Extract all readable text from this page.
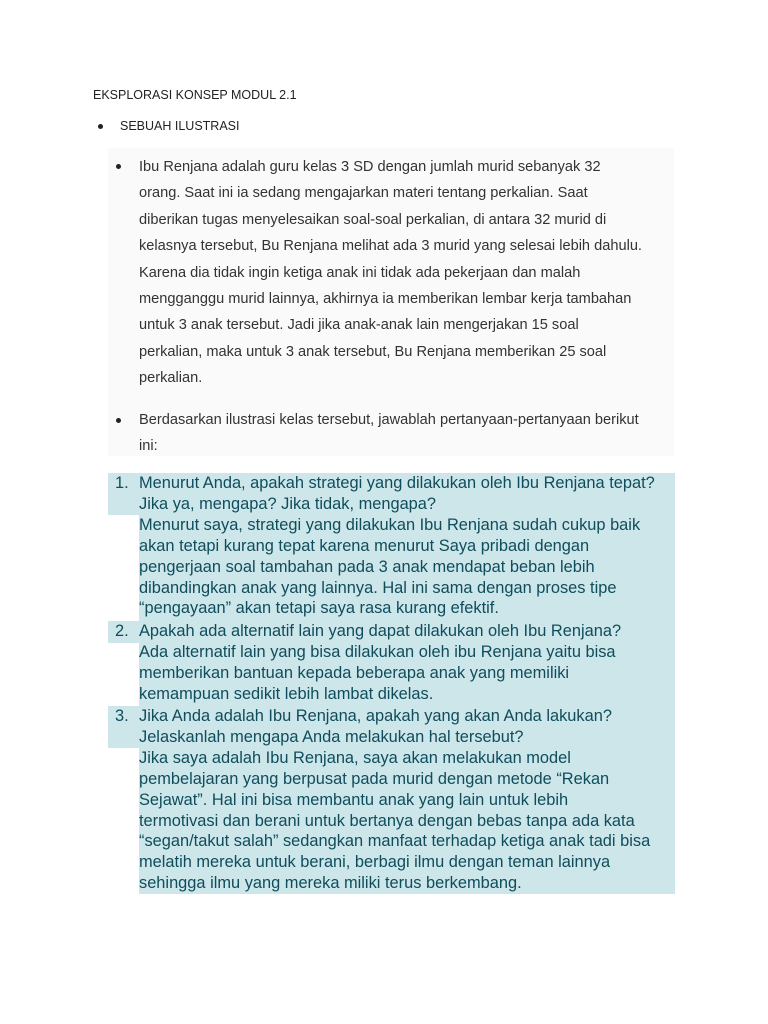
EKSPLORASI KONSEP MODUL 2.1
SEBUAH ILUSTRASI

Ibu Renjana adalah guru kelas 3 SD dengan jumlah murid sebanyak 32

orang. Saat ini ia sedang mengajarkan materi tentang perkalian. Saat

diberikan tugas menyelesaikan soal-soal perkalian, di antara 32 murid di

kelasnya tersebut, Bu Renjana melihat ada 3 murid yang selesai lebih dahulu.

Karena dia tidak ingin ketiga anak ini tidak ada pekerjaan dan malah

mengganggu murid lainnya, akhirnya ia memberikan lembar kerja tambahan

untuk 3 anak tersebut. Jadi jika anak-anak lain mengerjakan 15 soal

perkalian, maka untuk 3 anak tersebut, Bu Renjana memberikan 25 soal

perkalian.

Berdasarkan ilustrasi kelas tersebut, jawablah pertanyaan-pertanyaan berikut

ini:

1. Menurut Anda, apakah strategi yang dilakukan oleh Ibu Renjana tepat?

Jika ya, mengapa? Jika tidak, mengapa?

Menurut saya, strategi yang dilakukan Ibu Renjana sudah cukup baik

akan tetapi kurang tepat karena menurut Saya pribadi dengan

pengerjaan soal tambahan pada 3 anak mendapat beban lebih

dibandingkan anak yang lainnya. Hal ini sama dengan proses tipe

“pengayaan” akan tetapi saya rasa kurang efektif.

2. Apakah ada alternatif lain yang dapat dilakukan oleh Ibu Renjana?

Ada alternatif lain yang bisa dilakukan oleh ibu Renjana yaitu bisa

memberikan bantuan kepada beberapa anak yang memiliki

kemampuan sedikit lebih lambat dikelas.

3. Jika Anda adalah Ibu Renjana, apakah yang akan Anda lakukan?

Jelaskanlah mengapa Anda melakukan hal tersebut?

Jika saya adalah Ibu Renjana, saya akan melakukan model

pembelajaran yang berpusat pada murid dengan metode “Rekan

Sejawat”. Hal ini bisa membantu anak yang lain untuk lebih

termotivasi dan berani untuk bertanya dengan bebas tanpa ada kata

“segan/takut salah” sedangkan manfaat terhadap ketiga anak tadi bisa

melatih mereka untuk berani, berbagi ilmu dengan teman lainnya

sehingga ilmu yang mereka miliki terus berkembang.
